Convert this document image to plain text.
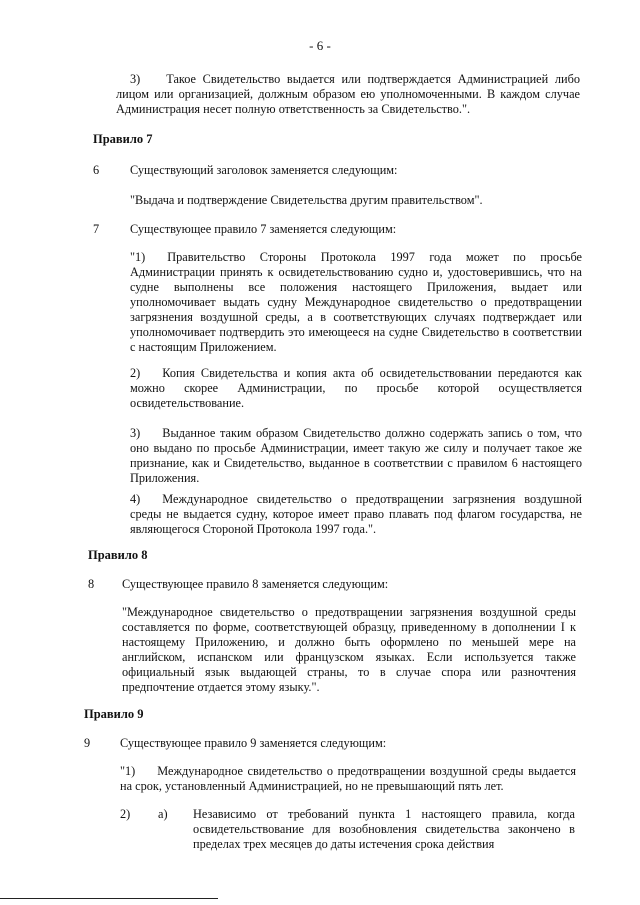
- 6 -
3) Такое Свидетельство выдается или подтверждается Администрацией либо лицом или организацией, должным образом ею уполномоченными. В каждом случае Администрация несет полную ответственность за Свидетельство.".
Правило 7
6	Существующий заголовок заменяется следующим:
"Выдача и подтверждение Свидетельства другим правительством".
7	Существующее правило 7 заменяется следующим:
"1) Правительство Стороны Протокола 1997 года может по просьбе Администрации принять к освидетельствованию судно и, удостоверившись, что на судне выполнены все положения настоящего Приложения, выдает или уполномочивает выдать судну Международное свидетельство о предотвращении загрязнения воздушной среды, а в соответствующих случаях подтверждает или уполномочивает подтвердить это имеющееся на судне Свидетельство в соответствии с настоящим Приложением.
2) Копия Свидетельства и копия акта об освидетельствовании передаются как можно скорее Администрации, по просьбе которой осуществляется освидетельствование.
3) Выданное таким образом Свидетельство должно содержать запись о том, что оно выдано по просьбе Администрации, имеет такую же силу и получает такое же признание, как и Свидетельство, выданное в соответствии с правилом 6 настоящего Приложения.
4) Международное свидетельство о предотвращении загрязнения воздушной среды не выдается судну, которое имеет право плавать под флагом государства, не являющегося Стороной Протокола 1997 года.".
Правило 8
8 Существующее правило 8 заменяется следующим:
"Международное свидетельство о предотвращении загрязнения воздушной среды составляется по форме, соответствующей образцу, приведенному в дополнении I к настоящему Приложению, и должно быть оформлено по меньшей мере на английском, испанском или французском языках. Если используется также официальный язык выдающей страны, то в случае спора или разночтения предпочтение отдается этому языку.".
Правило 9
9 Существующее правило 9 заменяется следующим:
"1) Международное свидетельство о предотвращении воздушной среды выдается на срок, установленный Администрацией, но не превышающий пять лет.
2) a) Независимо от требований пункта 1 настоящего правила, когда освидетельствование для возобновления свидетельства закончено в пределах трех месяцев до даты истечения срока действия
